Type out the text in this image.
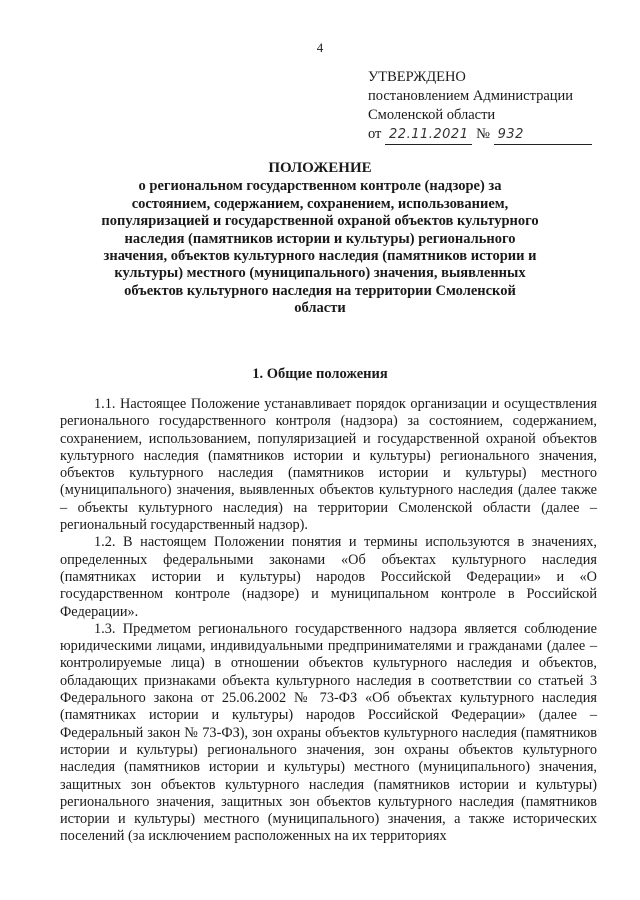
4
УТВЕРЖДЕНО
постановлением Администрации
Смоленской области
от 22.11.2021 № 932
ПОЛОЖЕНИЕ
о региональном государственном контроле (надзоре) за состоянием, содержанием, сохранением, использованием, популяризацией и государственной охраной объектов культурного наследия (памятников истории и культуры) регионального значения, объектов культурного наследия (памятников истории и культуры) местного (муниципального) значения, выявленных объектов культурного наследия на территории Смоленской области
1. Общие положения

1.1. Настоящее Положение устанавливает порядок организации и осуществления регионального государственного контроля (надзора) за состоянием, содержанием, сохранением, использованием, популяризацией и государственной охраной объектов культурного наследия (памятников истории и культуры) регионального значения, объектов культурного наследия (памятников истории и культуры) местного (муниципального) значения, выявленных объектов культурного наследия (далее также – объекты культурного наследия) на территории Смоленской области (далее – региональный государственный надзор).

1.2. В настоящем Положении понятия и термины используются в значениях, определенных федеральными законами «Об объектах культурного наследия (памятниках истории и культуры) народов Российской Федерации» и «О государственном контроле (надзоре) и муниципальном контроле в Российской Федерации».

1.3. Предметом регионального государственного надзора является соблюдение юридическими лицами, индивидуальными предпринимателями и гражданами (далее – контролируемые лица) в отношении объектов культурного наследия и объектов, обладающих признаками объекта культурного наследия в соответствии со статьей 3 Федерального закона от 25.06.2002 № 73-ФЗ «Об объектах культурного наследия (памятниках истории и культуры) народов Российской Федерации» (далее – Федеральный закон № 73-ФЗ), зон охраны объектов культурного наследия (памятников истории и культуры) регионального значения, зон охраны объектов культурного наследия (памятников истории и культуры) местного (муниципального) значения, защитных зон объектов культурного наследия (памятников истории и культуры) регионального значения, защитных зон объектов культурного наследия (памятников истории и культуры) местного (муниципального) значения, а также исторических поселений (за исключением расположенных на их территориях
